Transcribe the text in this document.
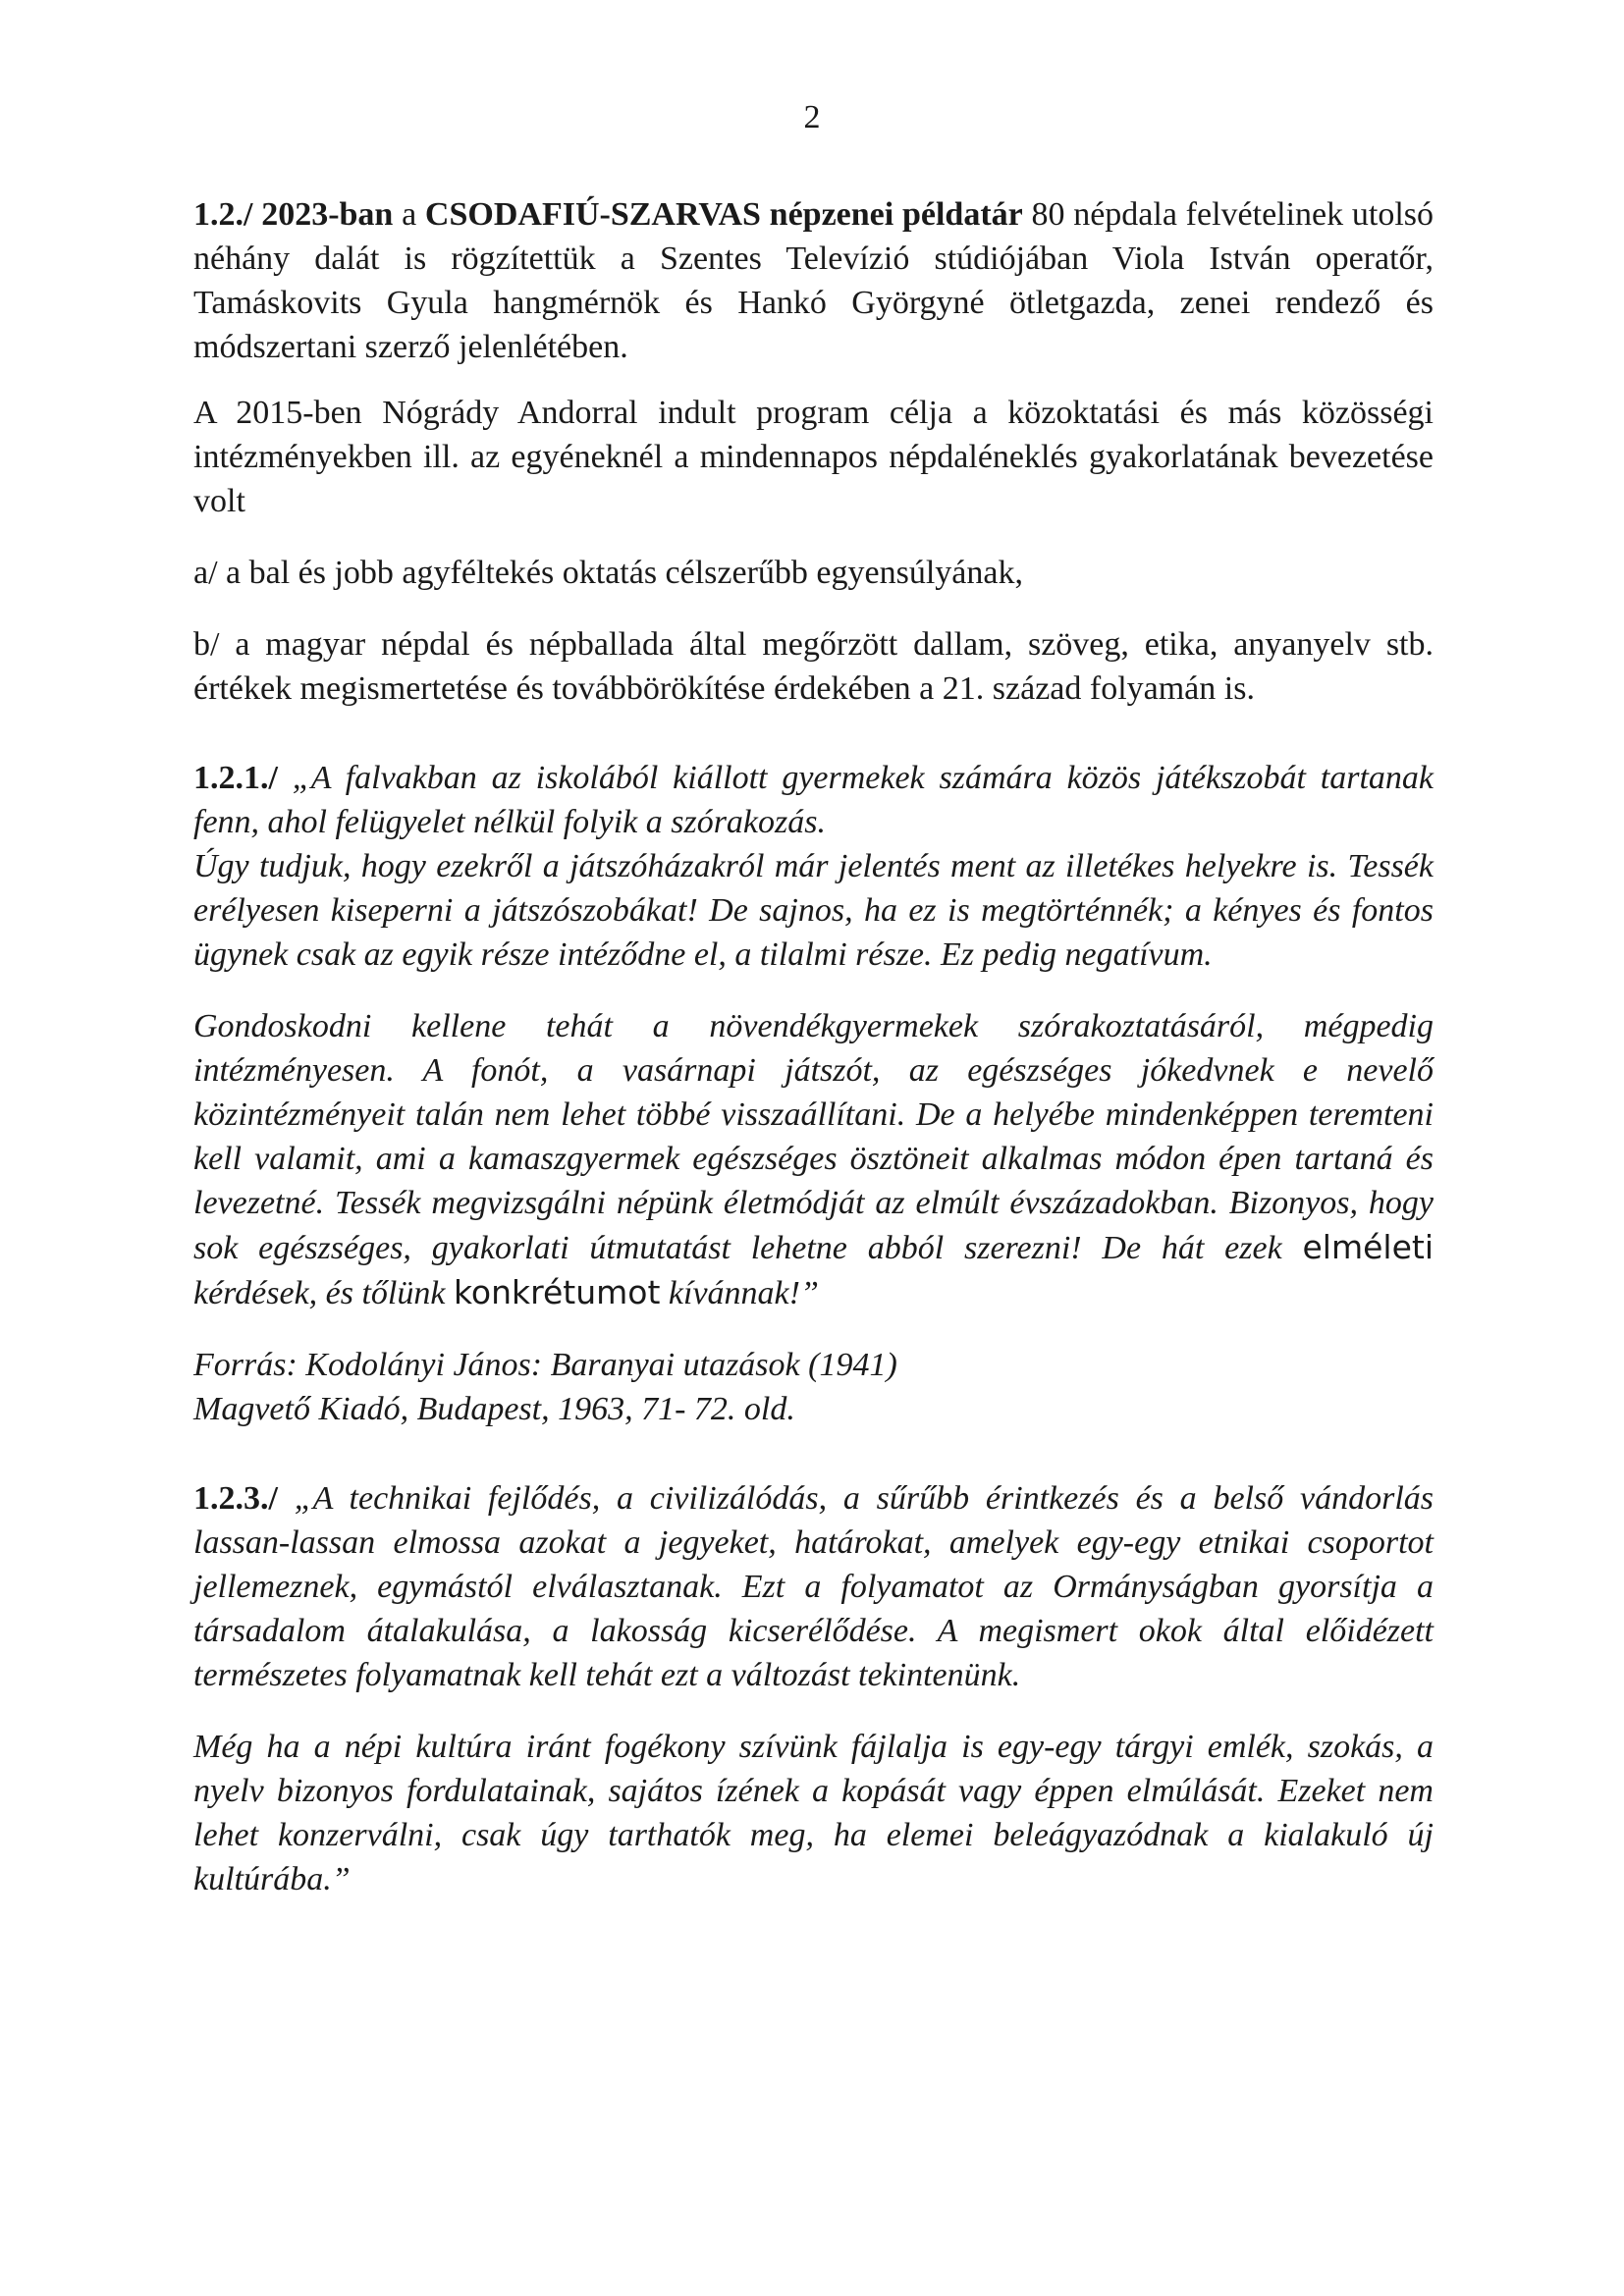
2

1.2./ 2023-ban a CSODAFIÚ-SZARVAS népzenei példatár 80 népdala felvételinek utolsó néhány dalát is rögzítettük a Szentes Televízió stúdiójában Viola István operatőr, Tamáskovits Gyula hangmérnök és Hankó Györgyné ötletgazda, zenei rendező és módszertani szerző jelenlétében.

A 2015-ben Nógrády Andorral indult program célja a közoktatási és más közösségi intézményekben ill. az egyéneknél a mindennapos népdaléneklés gyakorlatának bevezetése volt

a/ a bal és jobb agyféltekés oktatás célszerűbb egyensúlyának,

b/ a magyar népdal és népballada által megőrzött dallam, szöveg, etika, anyanyelv stb. értékek megismertetése és továbbörökítése érdekében a 21. század folyamán is.

1.2.1./ „A falvakban az iskolából kiállott gyermekek számára közös játékszobát tartanak fenn, ahol felügyelet nélkül folyik a szórakozás.
Úgy tudjuk, hogy ezekről a játszóházakról már jelentés ment az illetékes helyekre is. Tessék erélyesen kiseperni a játszószobákat! De sajnos, ha ez is megtörténnék; a kényes és fontos ügynek csak az egyik része intéződne el, a tilalmi része. Ez pedig negatívum.

Gondoskodni kellene tehát a növendékgyermekek szórakoztatásáról, mégpedig intézményesen. A fonót, a vasárnapi játszót, az egészséges jókedvnek e nevelő közintézményeit talán nem lehet többé visszaállítani. De a helyébe mindenképpen teremteni kell valamit, ami a kamaszgyermek egészséges ösztöneit alkalmas módon épen tartaná és levezetné. Tessék megvizsgálni népünk életmódját az elmúlt évszázadokban. Bizonyos, hogy sok egészséges, gyakorlati útmutatást lehetne abból szerezni! De hát ezek elméleti kérdések, és tőlünk konkrétumot kívánnak!”

Forrás: Kodolányi János: Baranyai utazások (1941)
Magvető Kiadó, Budapest, 1963, 71- 72. old.

1.2.3./ „A technikai fejlődés, a civilizálódás, a sűrűbb érintkezés és a belső vándorlás lassan-lassan elmossa azokat a jegyeket, határokat, amelyek egy-egy etnikai csoportot jellemeznek, egymástól elválasztanak. Ezt a folyamatot az Ormányságban gyorsítja a társadalom átalakulása, a lakosság kicserélődése. A megismert okok által előidézett természetes folyamatnak kell tehát ezt a változást tekintenünk.

Még ha a népi kultúra iránt fogékony szívünk fájlalja is egy-egy tárgyi emlék, szokás, a nyelv bizonyos fordulatainak, sajátos ízének a kopását vagy éppen elmúlását. Ezeket nem lehet konzerválni, csak úgy tarthatók meg, ha elemei beleágyazódnak a kialakuló új kultúrába.”
